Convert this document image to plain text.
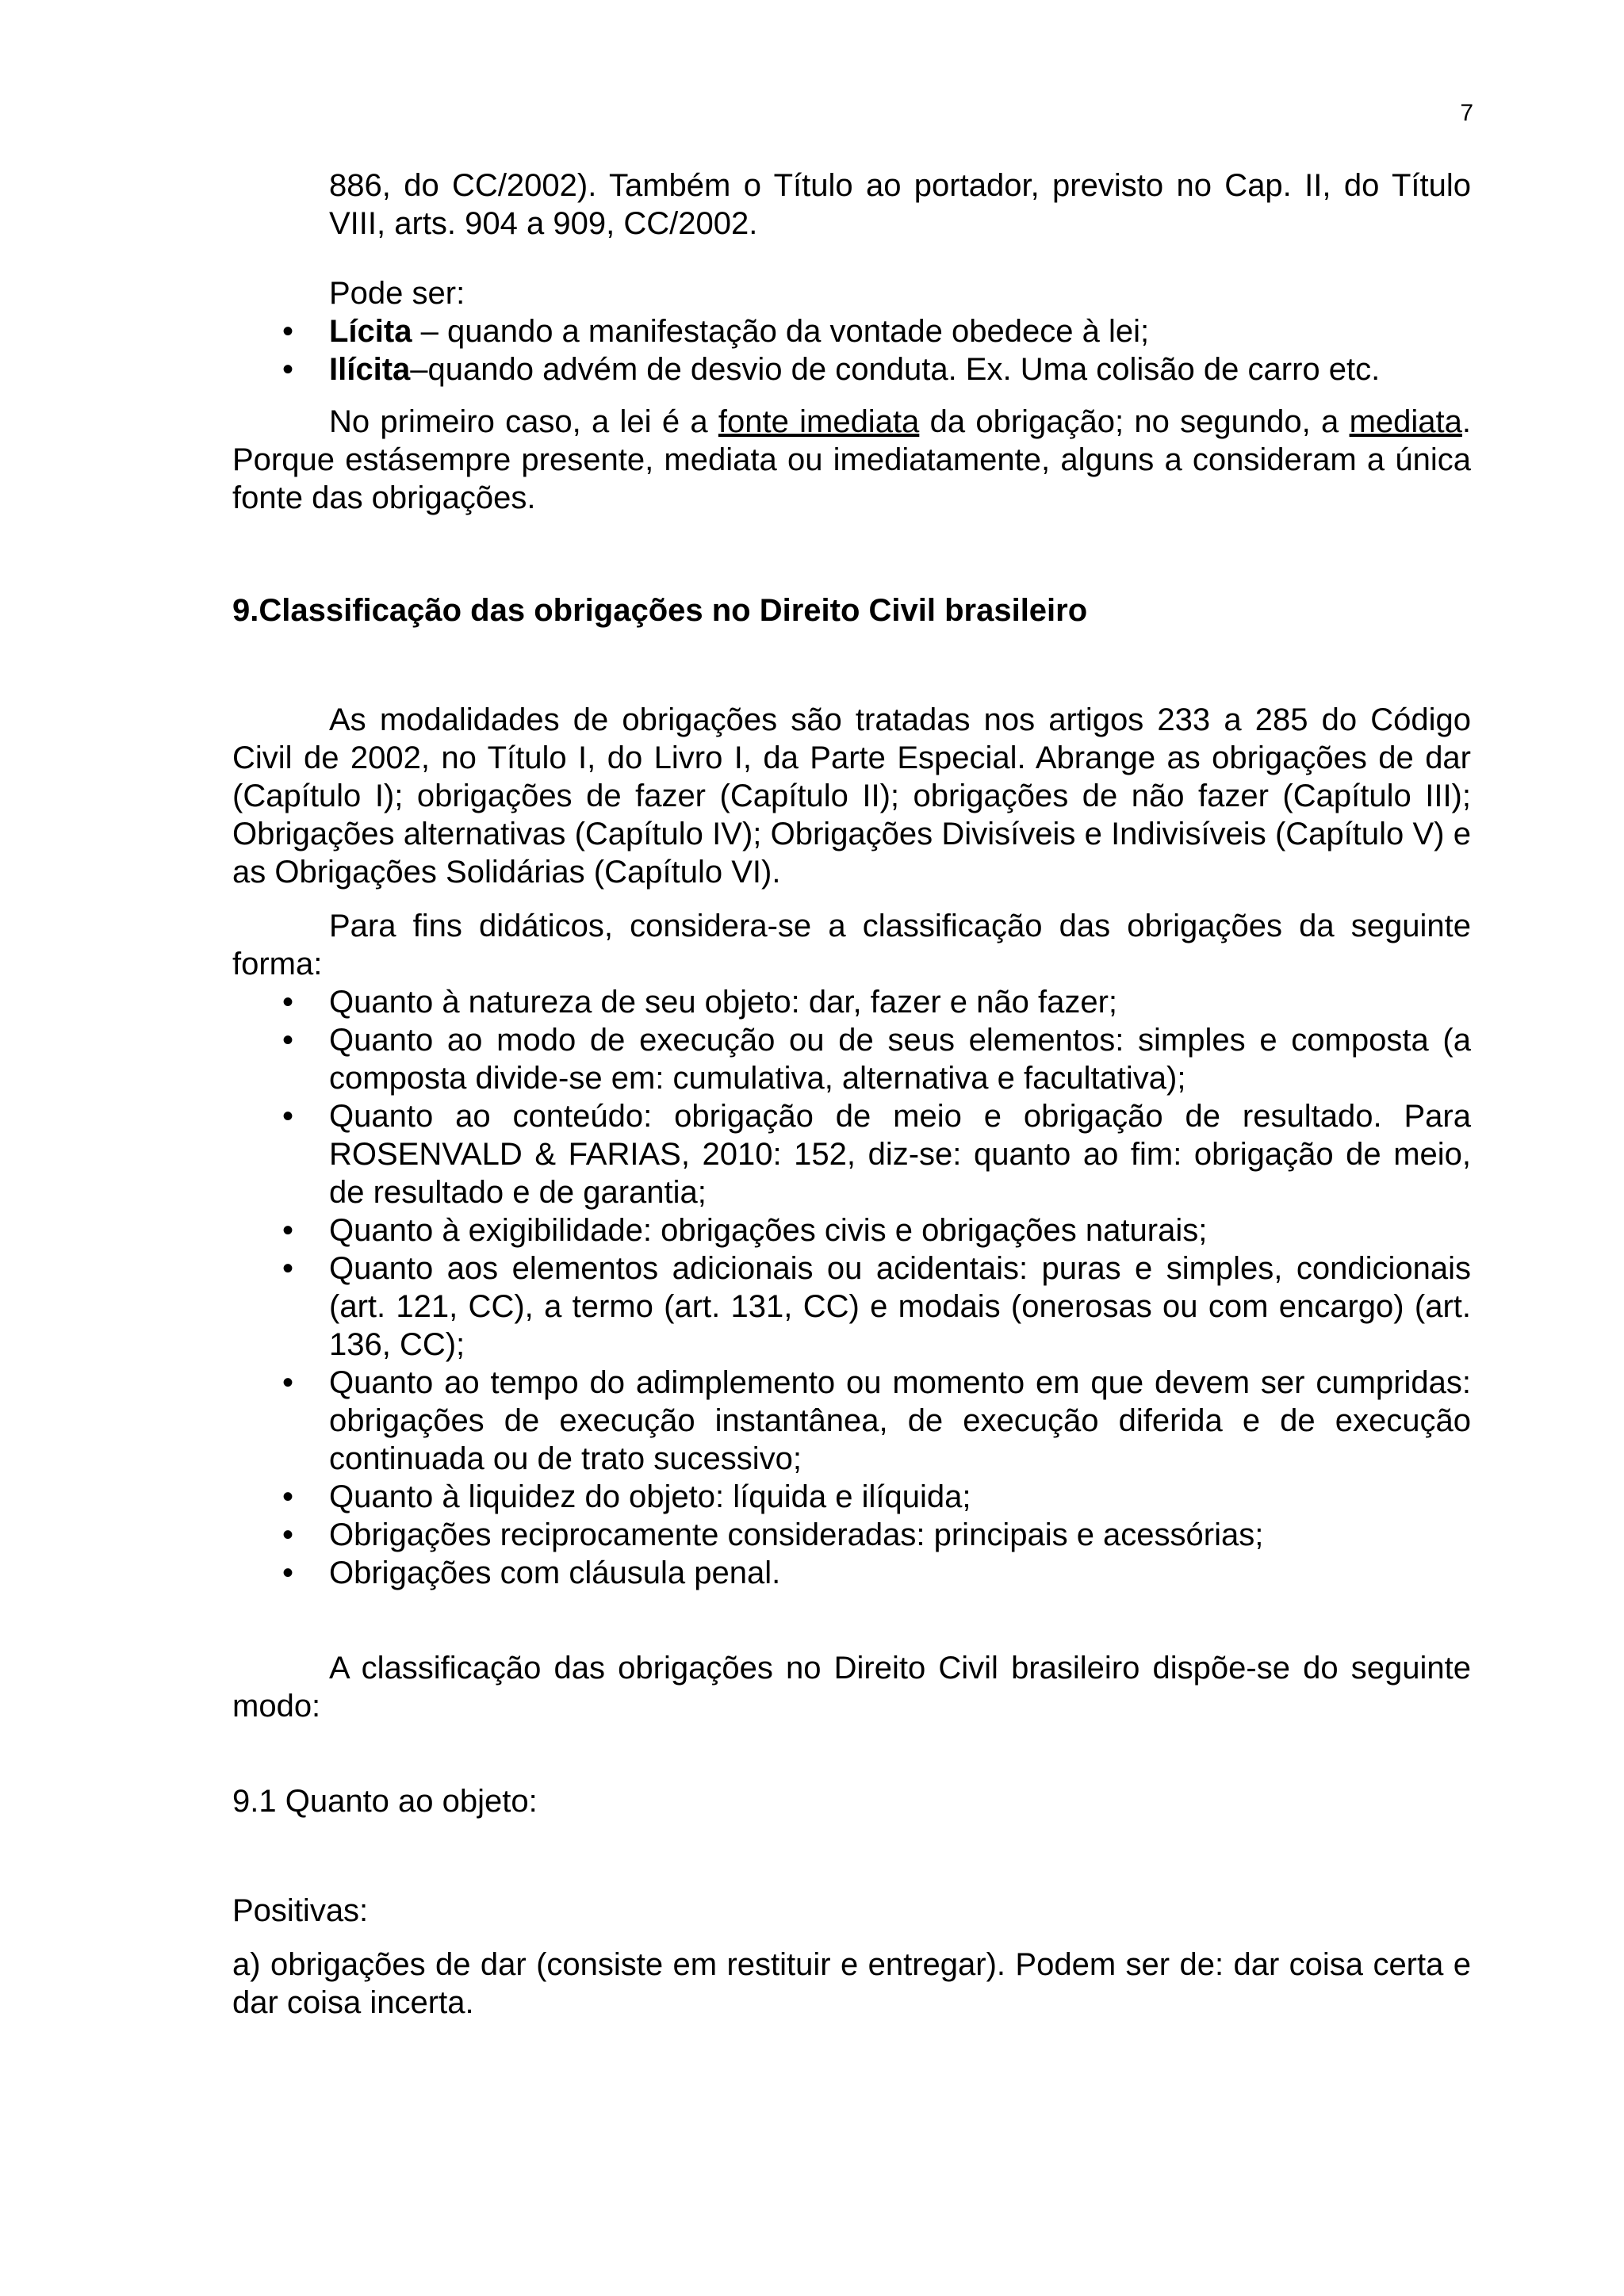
7

886, do CC/2002). Também o Título ao portador, previsto no Cap. II, do Título VIII, arts. 904 a 909, CC/2002.

Pode ser:

• Lícita – quando a manifestação da vontade obedece à lei;
• Ilícita–quando advém de desvio de conduta. Ex. Uma colisão de carro etc.

No primeiro caso, a lei é a fonte imediata da obrigação; no segundo, a mediata. Porque estásempre presente, mediata ou imediatamente, alguns a consideram a única fonte das obrigações.

9.Classificação das obrigações no Direito Civil brasileiro

As modalidades de obrigações são tratadas nos artigos 233 a 285 do Código Civil de 2002, no Título I, do Livro I, da Parte Especial. Abrange as obrigações de dar (Capítulo I); obrigações de fazer (Capítulo II); obrigações de não fazer (Capítulo III); Obrigações alternativas (Capítulo IV); Obrigações Divisíveis e Indivisíveis (Capítulo V) e as Obrigações Solidárias (Capítulo VI).

Para fins didáticos, considera-se a classificação das obrigações da seguinte forma:

• Quanto à natureza de seu objeto: dar, fazer e não fazer;
• Quanto ao modo de execução ou de seus elementos: simples e composta (a composta divide-se em: cumulativa, alternativa e facultativa);
• Quanto ao conteúdo: obrigação de meio e obrigação de resultado. Para ROSENVALD & FARIAS, 2010: 152, diz-se: quanto ao fim: obrigação de meio, de resultado e de garantia;
• Quanto à exigibilidade: obrigações civis e obrigações naturais;
• Quanto aos elementos adicionais ou acidentais: puras e simples, condicionais (art. 121, CC), a termo (art. 131, CC) e modais (onerosas ou com encargo) (art. 136, CC);
• Quanto ao tempo do adimplemento ou momento em que devem ser cumpridas: obrigações de execução instantânea, de execução diferida e de execução continuada ou de trato sucessivo;
• Quanto à liquidez do objeto: líquida e ilíquida;
• Obrigações reciprocamente consideradas: principais e acessórias;
• Obrigações com cláusula penal.

A classificação das obrigações no Direito Civil brasileiro dispõe-se do seguinte modo:

9.1 Quanto ao objeto:

Positivas:

a) obrigações de dar (consiste em restituir e entregar). Podem ser de: dar coisa certa e dar coisa incerta.
